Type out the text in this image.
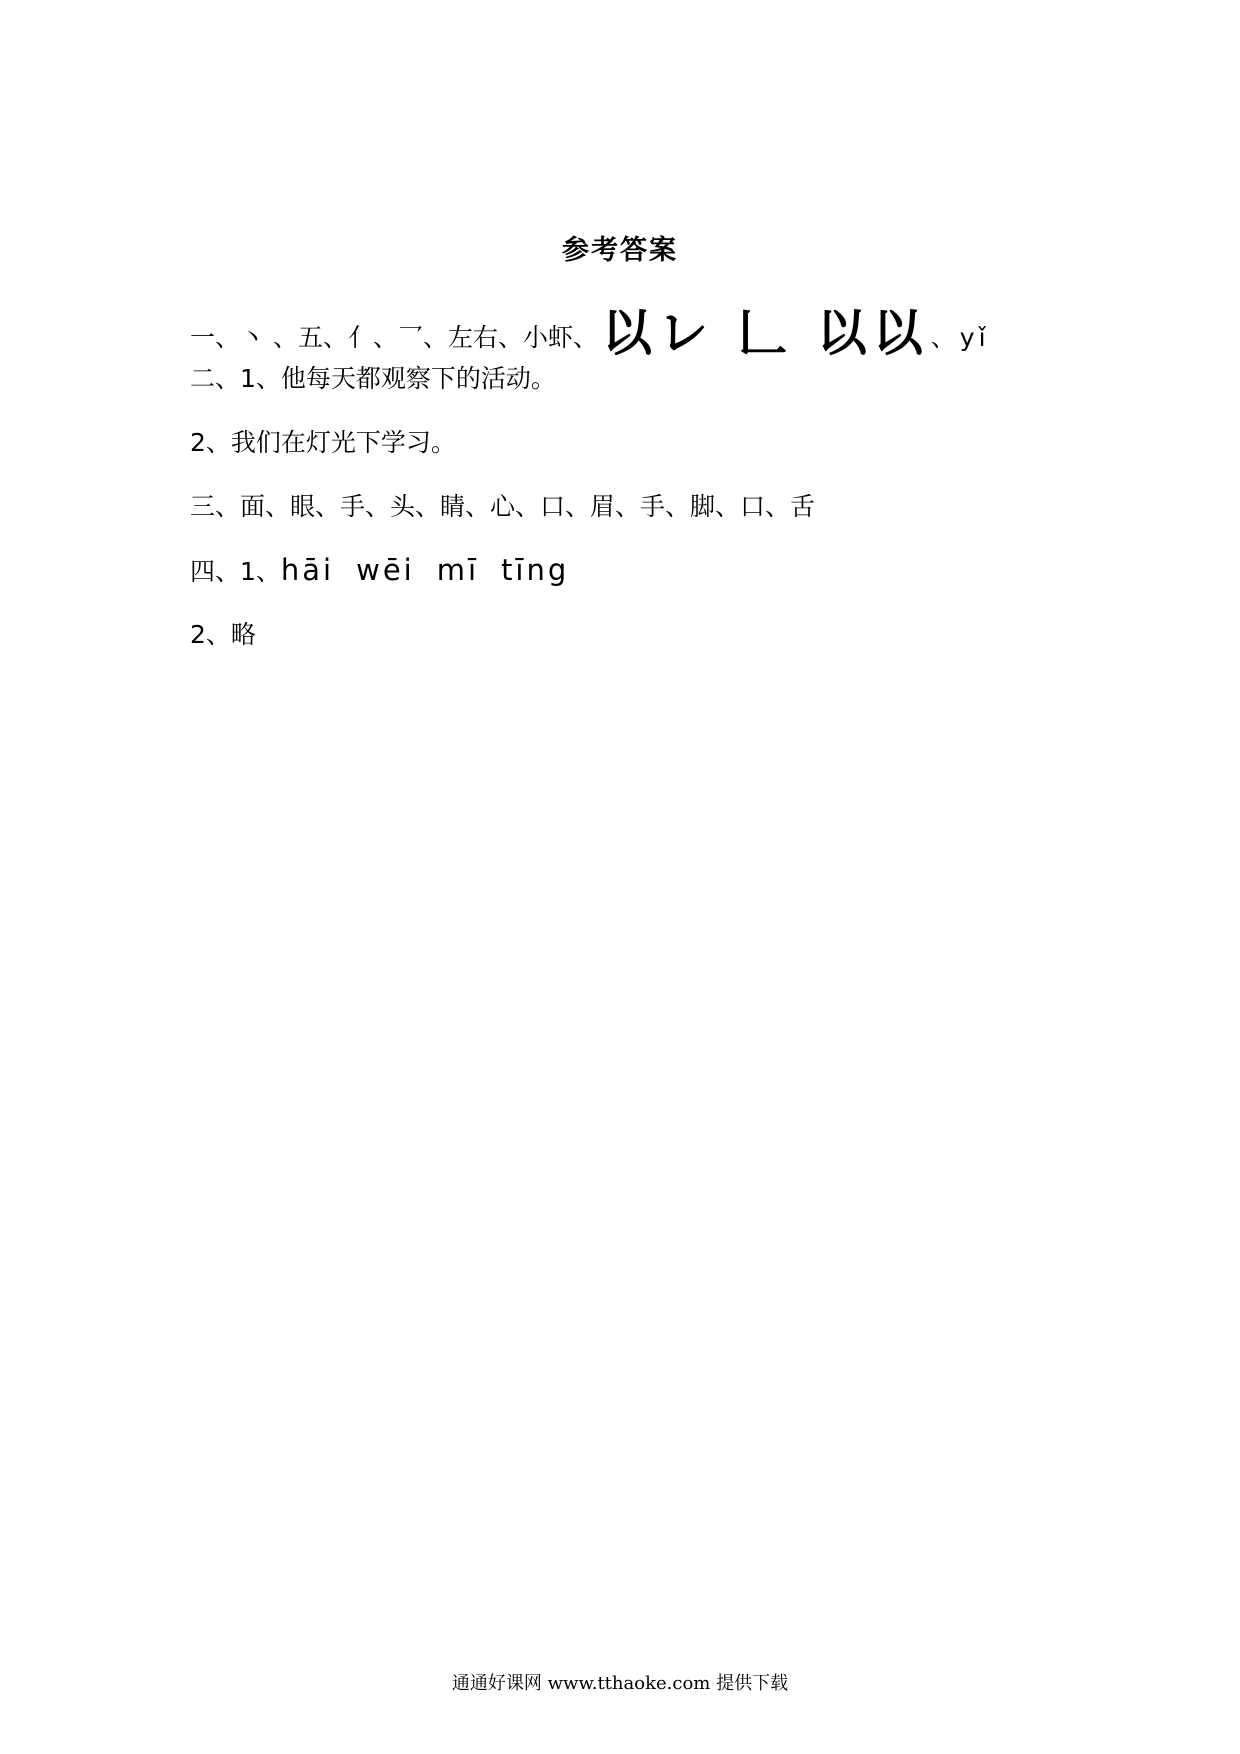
参考答案
一、丶 、五、亻、乛、左右、小虾、以レ 𠃊 以以、yǐ
二、1、他每天都观察下的活动。
2、我们在灯光下学习。
三、面、眼、手、头、睛、心、口、眉、手、脚、口、舌
四、1、hāi wēi mī tīng
2、略
通通好课网 www.tthaoke.com 提供下载
